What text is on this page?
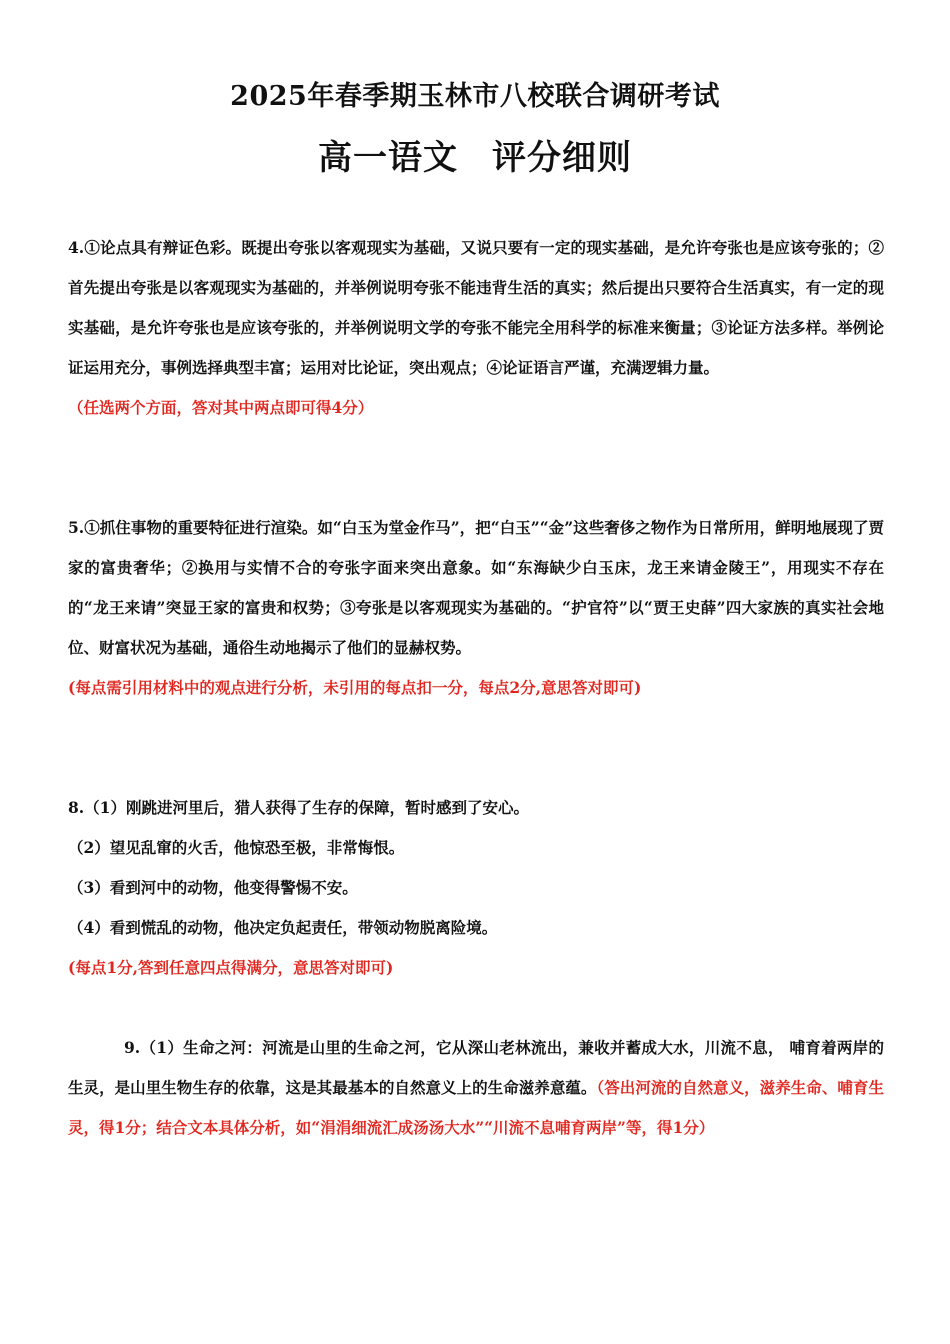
2025年春季期玉林市八校联合调研考试
高一语文 评分细则

4.①论点具有辩证色彩。既提出夸张以客观现实为基础，又说只要有一定的现实基础，是允许夸张也是应该夸张的；②首先提出夸张是以客观现实为基础的，并举例说明夸张不能违背生活的真实；然后提出只要符合生活真实，有一定的现实基础，是允许夸张也是应该夸张的，并举例说明文学的夸张不能完全用科学的标准来衡量；③论证方法多样。举例论证运用充分，事例选择典型丰富；运用对比论证，突出观点；④论证语言严谨，充满逻辑力量。

（任选两个方面，答对其中两点即可得4分）

5.①抓住事物的重要特征进行渲染。如“白玉为堂金作马”，把“白玉”“金”这些奢侈之物作为日常所用，鲜明地展现了贾家的富贵奢华；②换用与实情不合的夸张字面来突出意象。如“东海缺少白玉床，龙王来请金陵王”，用现实不存在的“龙王来请”突显王家的富贵和权势；③夸张是以客观现实为基础的。“护官符”以“贾王史薛”四大家族的真实社会地位、财富状况为基础，通俗生动地揭示了他们的显赫权势。

(每点需引用材料中的观点进行分析，未引用的每点扣一分，每点2分,意思答对即可)

8.（1）刚跳进河里后，猎人获得了生存的保障，暂时感到了安心。

（2）望见乱窜的火舌，他惊恐至极，非常悔恨。

（3）看到河中的动物，他变得警惕不安。

（4）看到慌乱的动物，他决定负起责任，带领动物脱离险境。

(每点1分,答到任意四点得满分，意思答对即可)

9.（1）生命之河：河流是山里的生命之河，它从深山老林流出，兼收并蓄成大水，川流不息， 哺育着两岸的生灵，是山里生物生存的依靠，这是其最基本的自然意义上的生命滋养意蕴。（答出河流的自然意义，滋养生命、哺育生灵，得1分；结合文本具体分析，如“涓涓细流汇成汤汤大水”“川流不息哺育两岸”等，得1分）
